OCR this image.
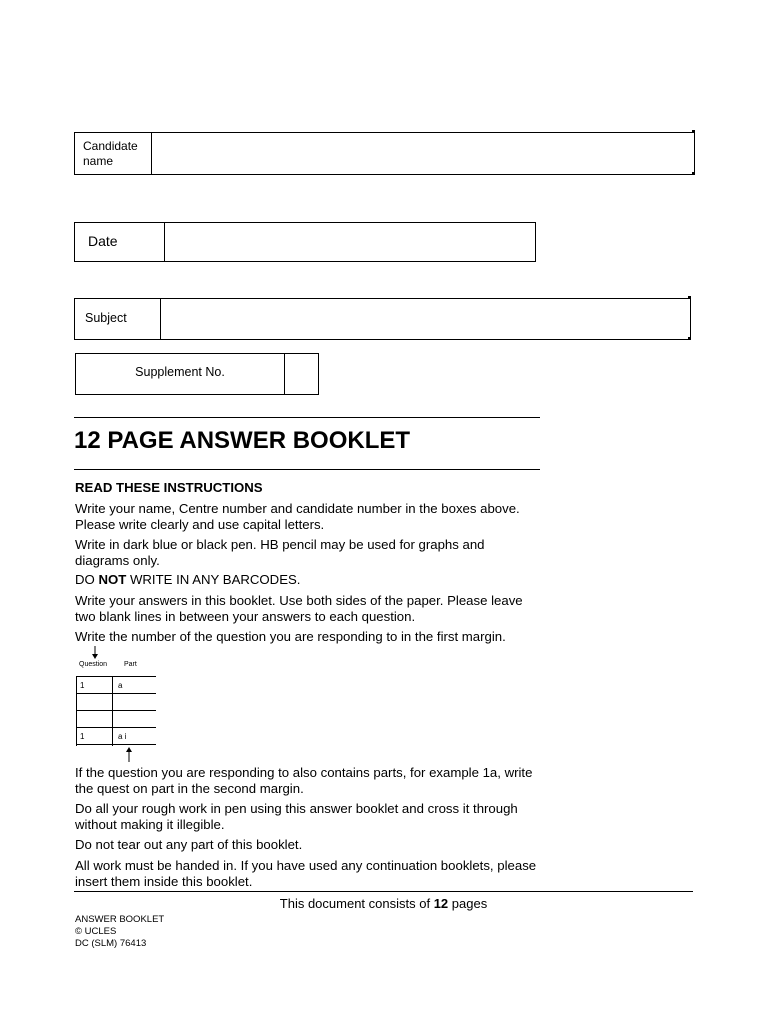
Candidate name
Date
Subject
Supplement No.
12 PAGE ANSWER BOOKLET
READ THESE INSTRUCTIONS

Write your name, Centre number and candidate number in the boxes above. Please write clearly and use capital letters.

Write in dark blue or black pen. HB pencil may be used for graphs and diagrams only.

DO NOT WRITE IN ANY BARCODES.

Write your answers in this booklet. Use both sides of the paper. Please leave two blank lines in between your answers to each question.

Write the number of the question you are responding to in the first margin.

Question Part
1	a
1	a i

If the question you are responding to also contains parts, for example 1a, write the quest on part in the second margin.

Do all your rough work in pen using this answer booklet and cross it through without making it illegible.

Do not tear out any part of this booklet.

All work must be handed in. If you have used any continuation booklets, please insert them inside this booklet.

This document consists of 12 pages
ANSWER BOOKLET
© UCLES
DC (SLM) 76413
